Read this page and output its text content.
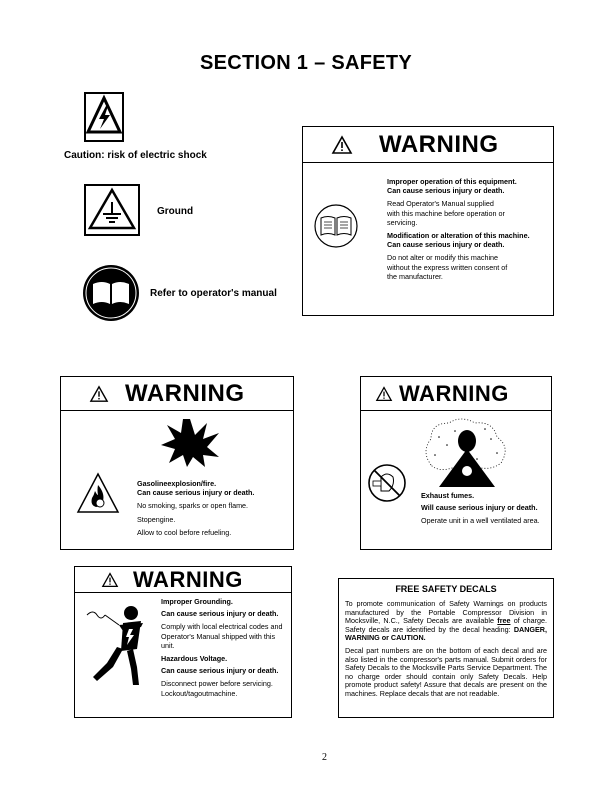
SECTION 1 – SAFETY
Caution: risk of electric shock
Ground
Refer to operator's manual
WARNING

Improper operation of this equipment.
Can cause serious injury or death.

Read Operator's Manual supplied with this machine before operation or servicing.

Modification or alteration of this machine.
Can cause serious injury or death.

Do not alter or modify this machine without the express written consent of the manufacturer.

WARNING

Gasolineexplosion/fire.
Can cause serious injury or death.

No smoking, sparks or open flame.

Stopengine.

Allow to cool before refueling.

WARNING

Exhaust fumes.

Will cause serious injury or death.

Operate unit in a well ventilated area.

WARNING

Improper Grounding.

Can cause serious injury or death.

Comply with local electrical codes and Operator's Manual shipped with this unit.

Hazardous Voltage.

Can cause serious injury or death.

Disconnect power before servicing. Lockout/tagoutmachine.

FREE SAFETY DECALS

To promote communication of Safety Warnings on products manufactured by the Portable Compressor Division in Mocksville, N.C., Safety Decals are available free of charge. Safety decals are identified by the decal heading: DANGER, WARNING or CAUTION.

Decal part numbers are on the bottom of each decal and are also listed in the compressor's parts manual. Submit orders for Safety Decals to the Mocksville Parts Service Department. The no charge order should contain only Safety Decals. Help promote product safety! Assure that decals are present on the machines. Replace decals that are not readable.

2
